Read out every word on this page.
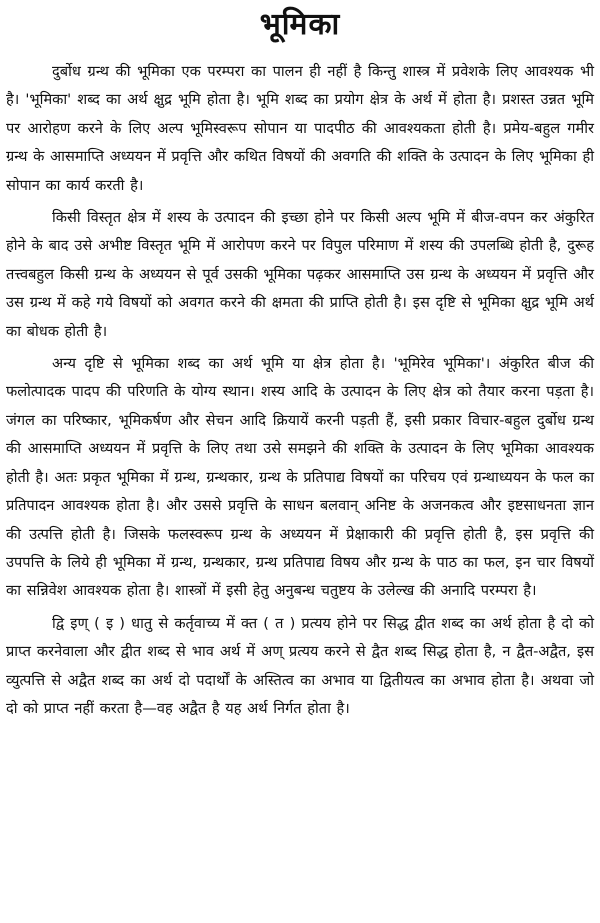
भूमिका

दुर्बोध ग्रन्थ की भूमिका एक परम्परा का पालन ही नहीं है किन्तु शास्त्र में प्रवेशके लिए आवश्यक भी है। 'भूमिका' शब्द का अर्थ क्षुद्र भूमि होता है। भूमि शब्द का प्रयोग क्षेत्र के अर्थ में होता है। प्रशस्त उन्नत भूमि पर आरोहण करने के लिए अल्प भूमिस्वरूप सोपान या पादपीठ की आवश्यकता होती है। प्रमेय-बहुल गमीर ग्रन्थ के आसमाप्ति अध्ययन में प्रवृत्ति और कथित विषयों की अवगति की शक्ति के उत्पादन के लिए भूमिका ही सोपान का कार्य करती है।

किसी विस्तृत क्षेत्र में शस्य के उत्पादन की इच्छा होने पर किसी अल्प भूमि में बीज-वपन कर अंकुरित होने के बाद उसे अभीष्ट विस्तृत भूमि में आरोपण करने पर विपुल परिमाण में शस्य की उपलब्धि होती है, दुरूह तत्त्वबहुल किसी ग्रन्थ के अध्ययन से पूर्व उसकी भूमिका पढ़कर आसमाप्ति उस ग्रन्थ के अध्ययन में प्रवृत्ति और उस ग्रन्थ में कहे गये विषयों को अवगत करने की क्षमता की प्राप्ति होती है। इस दृष्टि से भूमिका क्षुद्र भूमि अर्थ का बोधक होती है।

अन्य दृष्टि से भूमिका शब्द का अर्थ भूमि या क्षेत्र होता है। 'भूमिरेव भूमिका'। अंकुरित बीज की फलोत्पादक पादप की परिणति के योग्य स्थान। शस्य आदि के उत्पादन के लिए क्षेत्र को तैयार करना पड़ता है। जंगल का परिष्कार, भूमिकर्षण और सेचन आदि क्रियायें करनी पड़ती हैं, इसी प्रकार विचार-बहुल दुर्बोध ग्रन्थ की आसमाप्ति अध्ययन में प्रवृत्ति के लिए तथा उसे समझने की शक्ति के उत्पादन के लिए भूमिका आवश्यक होती है। अतः प्रकृत भूमिका में ग्रन्थ, ग्रन्थकार, ग्रन्थ के प्रतिपाद्य विषयों का परिचय एवं ग्रन्थाध्ययन के फल का प्रतिपादन आवश्यक होता है। और उससे प्रवृत्ति के साधन बलवान् अनिष्ट के अजनकत्व और इष्टसाधनता ज्ञान की उत्पत्ति होती है। जिसके फलस्वरूप ग्रन्थ के अध्ययन में प्रेक्षाकारी की प्रवृत्ति होती है, इस प्रवृत्ति की उपपत्ति के लिये ही भूमिका में ग्रन्थ, ग्रन्थकार, ग्रन्थ प्रतिपाद्य विषय और ग्रन्थ के पाठ का फल, इन चार विषयों का सन्निवेश आवश्यक होता है। शास्त्रों में इसी हेतु अनुबन्ध चतुष्टय के उलेल्ख की अनादि परम्परा है।

द्वि इण् ( इ ) धातु से कर्तृवाच्य में क्त ( त ) प्रत्यय होने पर सिद्ध द्वीत शब्द का अर्थ होता है दो को प्राप्त करनेवाला और द्वीत शब्द से भाव अर्थ में अण् प्रत्यय करने से द्वैत शब्द सिद्ध होता है, न द्वैत-अद्वैत, इस व्युत्पत्ति से अद्वैत शब्द का अर्थ दो पदार्थों के अस्तित्व का अभाव या द्वितीयत्व का अभाव होता है। अथवा जो दो को प्राप्त नहीं करता है—वह अद्वैत है यह अर्थ निर्गत होता है।
